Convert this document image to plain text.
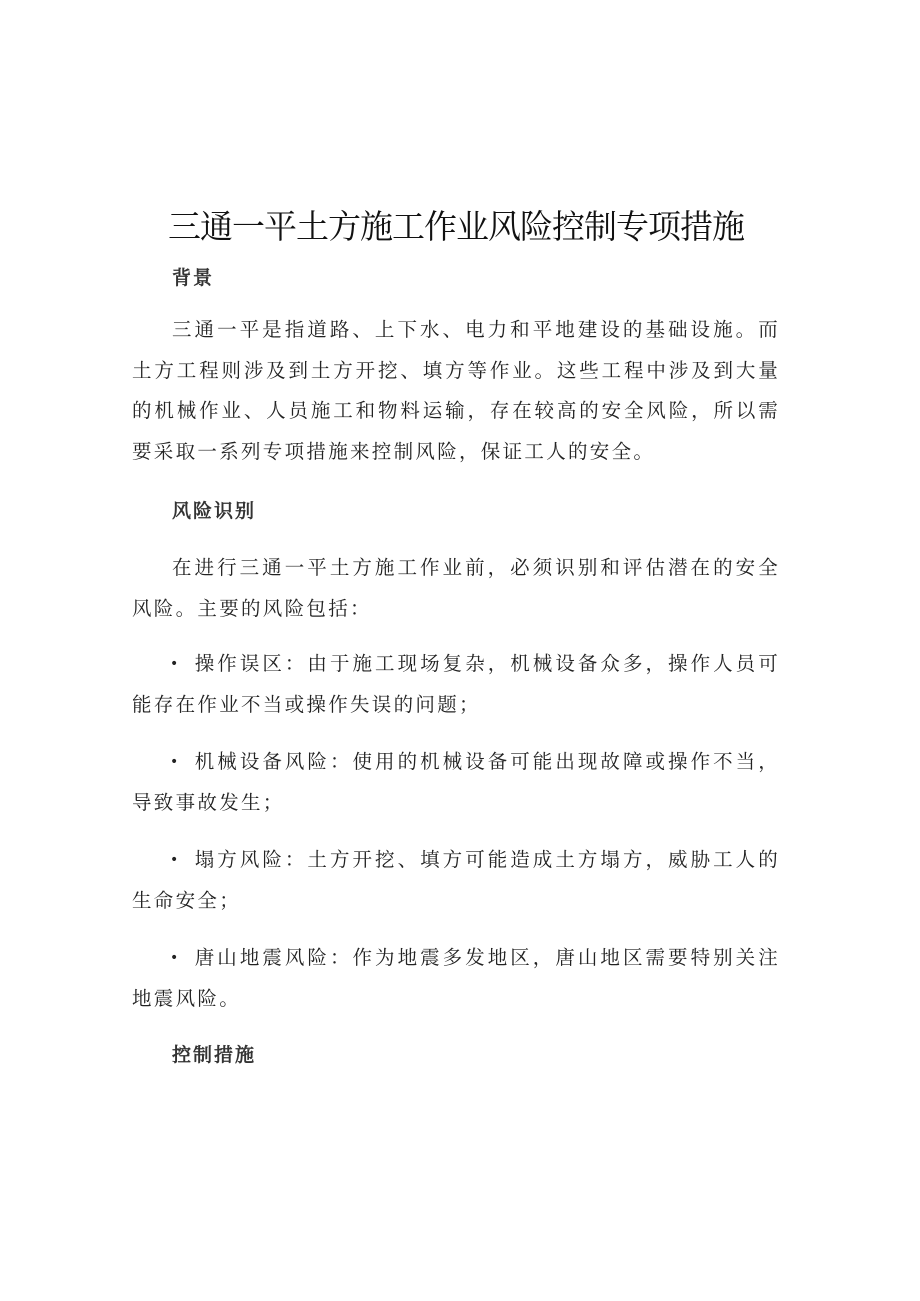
三通一平土方施工作业风险控制专项措施
背景

三通一平是指道路、上下水、电力和平地建设的基础设施。而土方工程则涉及到土方开挖、填方等作业。这些工程中涉及到大量的机械作业、人员施工和物料运输，存在较高的安全风险，所以需要采取一系列专项措施来控制风险，保证工人的安全。

风险识别

在进行三通一平土方施工作业前，必须识别和评估潜在的安全风险。主要的风险包括：

• 操作误区：由于施工现场复杂，机械设备众多，操作人员可能存在作业不当或操作失误的问题；
• 机械设备风险：使用的机械设备可能出现故障或操作不当，导致事故发生；
• 塌方风险：土方开挖、填方可能造成土方塌方，威胁工人的生命安全；
• 唐山地震风险：作为地震多发地区，唐山地区需要特别关注地震风险。
控制措施
